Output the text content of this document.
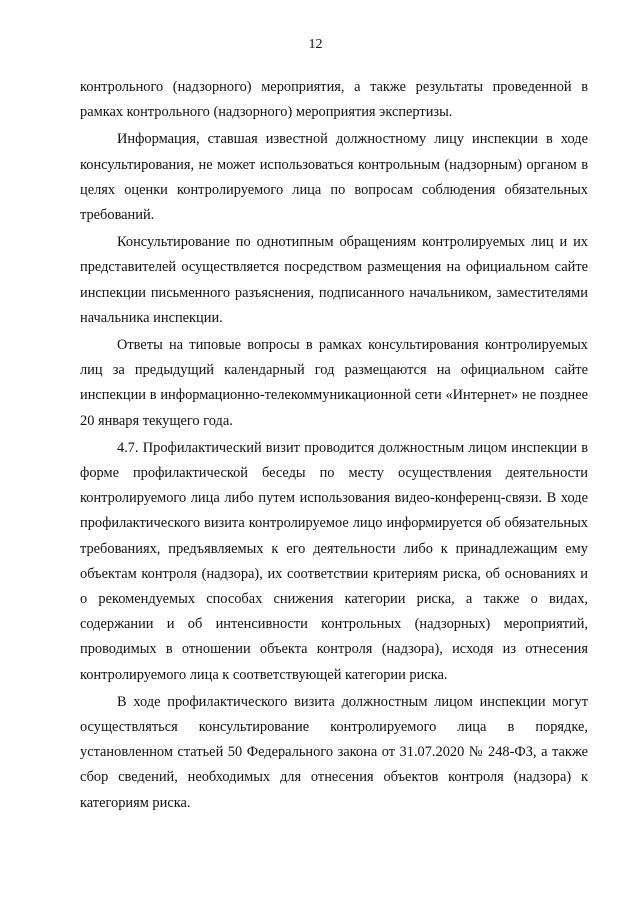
12

контрольного (надзорного) мероприятия, а также результаты проведенной в рамках контрольного (надзорного) мероприятия экспертизы.

Информация, ставшая известной должностному лицу инспекции в ходе консультирования, не может использоваться контрольным (надзорным) органом в целях оценки контролируемого лица по вопросам соблюдения обязательных требований.

Консультирование по однотипным обращениям контролируемых лиц и их представителей осуществляется посредством размещения на официальном сайте инспекции письменного разъяснения, подписанного начальником, заместителями начальника инспекции.

Ответы на типовые вопросы в рамках консультирования контролируемых лиц за предыдущий календарный год размещаются на официальном сайте инспекции в информационно-телекоммуникационной сети «Интернет» не позднее 20 января текущего года.

4.7. Профилактический визит проводится должностным лицом инспекции в форме профилактической беседы по месту осуществления деятельности контролируемого лица либо путем использования видео-конференц-связи. В ходе профилактического визита контролируемое лицо информируется об обязательных требованиях, предъявляемых к его деятельности либо к принадлежащим ему объектам контроля (надзора), их соответствии критериям риска, об основаниях и о рекомендуемых способах снижения категории риска, а также о видах, содержании и об интенсивности контрольных (надзорных) мероприятий, проводимых в отношении объекта контроля (надзора), исходя из отнесения контролируемого лица к соответствующей категории риска.

В ходе профилактического визита должностным лицом инспекции могут осуществляться консультирование контролируемого лица в порядке, установленном статьей 50 Федерального закона от 31.07.2020 № 248-ФЗ, а также сбор сведений, необходимых для отнесения объектов контроля (надзора) к категориям риска.
